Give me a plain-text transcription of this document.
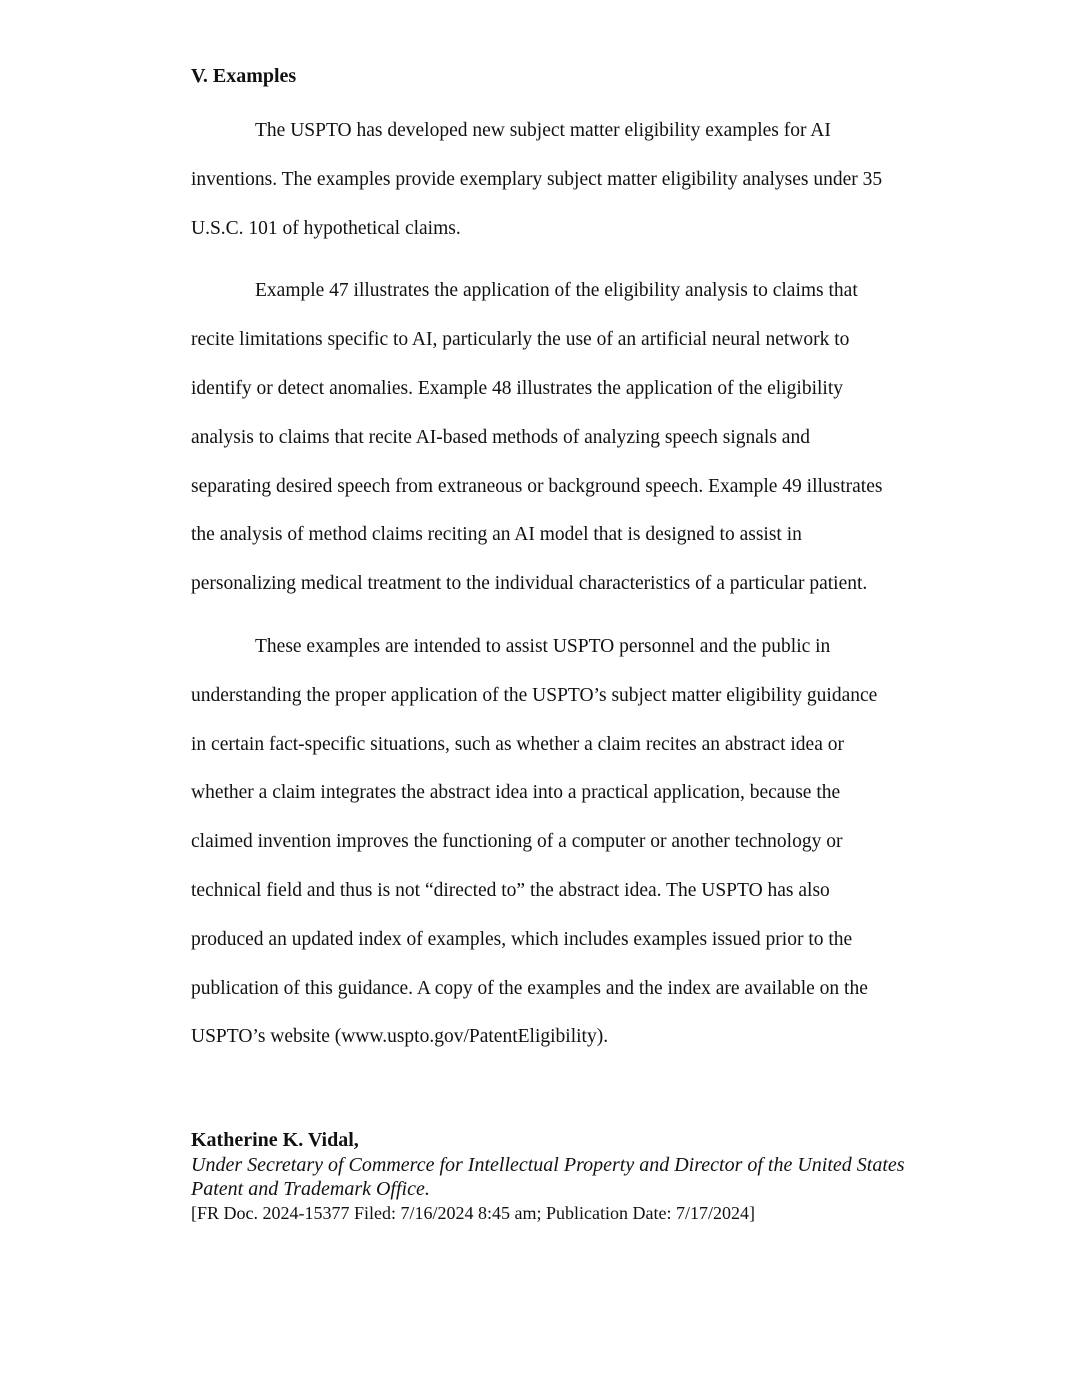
V. Examples
The USPTO has developed new subject matter eligibility examples for AI
inventions. The examples provide exemplary subject matter eligibility analyses under 35
U.S.C. 101 of hypothetical claims.
Example 47 illustrates the application of the eligibility analysis to claims that
recite limitations specific to AI, particularly the use of an artificial neural network to
identify or detect anomalies. Example 48 illustrates the application of the eligibility
analysis to claims that recite AI-based methods of analyzing speech signals and
separating desired speech from extraneous or background speech. Example 49 illustrates
the analysis of method claims reciting an AI model that is designed to assist in
personalizing medical treatment to the individual characteristics of a particular patient.
These examples are intended to assist USPTO personnel and the public in
understanding the proper application of the USPTO’s subject matter eligibility guidance
in certain fact-specific situations, such as whether a claim recites an abstract idea or
whether a claim integrates the abstract idea into a practical application, because the
claimed invention improves the functioning of a computer or another technology or
technical field and thus is not “directed to” the abstract idea. The USPTO has also
produced an updated index of examples, which includes examples issued prior to the
publication of this guidance. A copy of the examples and the index are available on the
USPTO’s website (www.uspto.gov/PatentEligibility).
Katherine K. Vidal,
Under Secretary of Commerce for Intellectual Property and Director of the United States
Patent and Trademark Office.
[FR Doc. 2024-15377 Filed: 7/16/2024 8:45 am; Publication Date: 7/17/2024]
